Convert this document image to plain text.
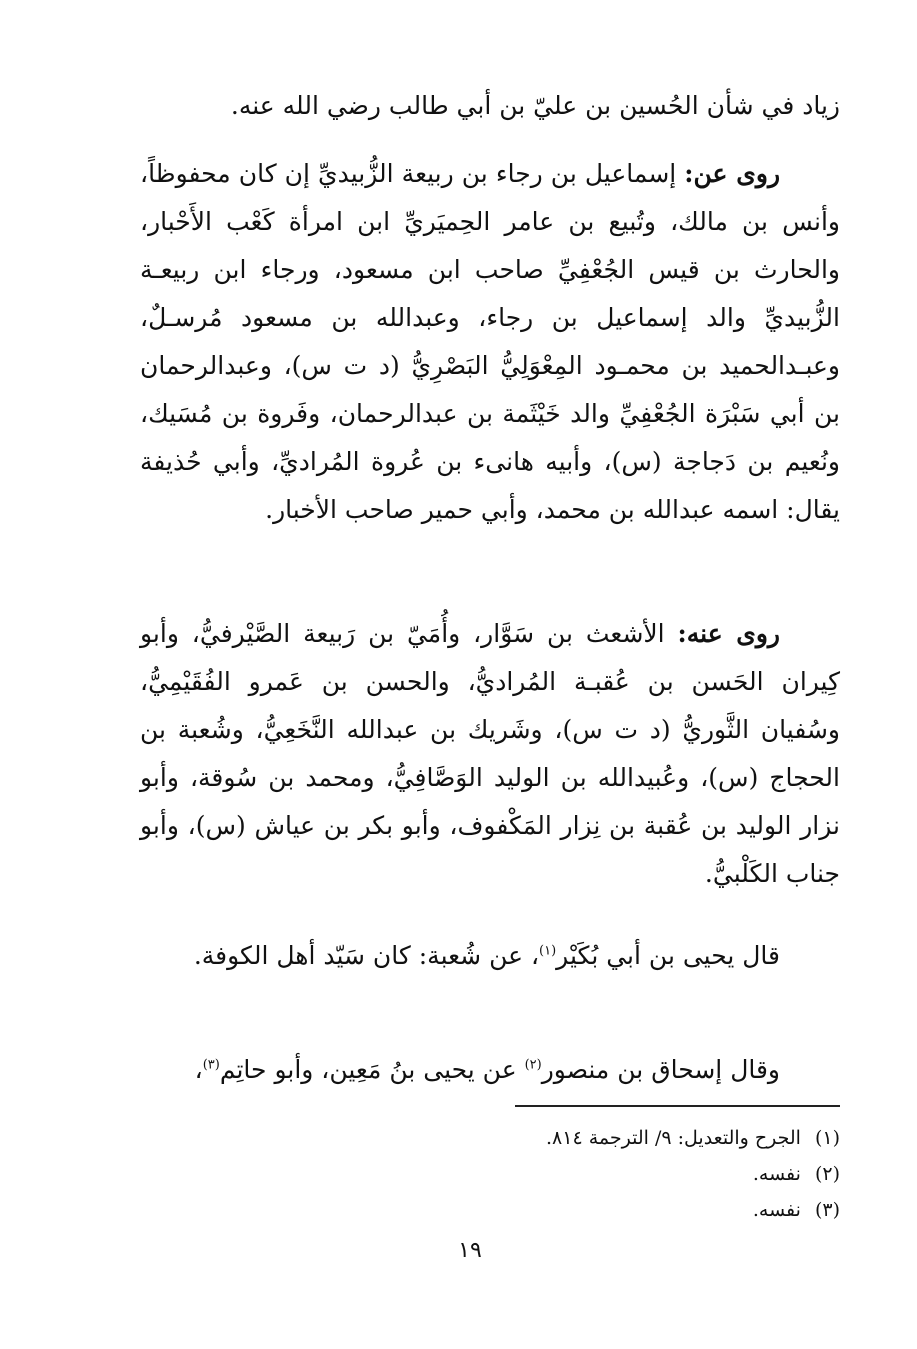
زياد في شأن الحُسين بن عليّ بن أبي طالب رضي الله عنه.
روى عن: إسماعيل بن رجاء بن ربيعة الزُّبيديِّ إن كان محفوظاً، وأنس بن مالك، وتُبيع بن عامر الحِميَريِّ ابن امرأة كَعْب الأَحْبار، والحارث بن قيس الجُعْفِيِّ صاحب ابن مسعود، ورجاء ابن ربيعـة الزُّبيديِّ والد إسماعيل بن رجاء، وعبدالله بن مسعود مُرسـلٌ، وعبـدالحميد بن محمـود المِعْوَلِيُّ البَصْرِيُّ (د ت س)، وعبدالرحمان بن أبي سَبْرَة الجُعْفِيِّ والد خَيْثَمة بن عبدالرحمان، وفَروة بن مُسَيك، ونُعيم بن دَجاجة (س)، وأبيه هانىء بن عُروة المُراديِّ، وأبي حُذيفة يقال: اسمه عبدالله بن محمد، وأبي حمير صاحب الأخبار.
روى عنه: الأشعث بن سَوَّار، وأُمَيّ بن رَبيعة الصَّيْرفيُّ، وأبو كِيران الحَسن بن عُقبـة المُراديُّ، والحسن بن عَمرو الفُقَيْمِيُّ، وسُفيان الثَّوريُّ (د ت س)، وشَريك بن عبدالله النَّخَعِيُّ، وشُعبة بن الحجاج (س)، وعُبيدالله بن الوليد الوَصَّافِيُّ، ومحمد بن سُوقة، وأبو نزار الوليد بن عُقبة بن نِزار المَكْفوف، وأبو بكر بن عياش (س)، وأبو جناب الكَلْبيُّ.
قال يحيى بن أبي بُكَيْر$^{(١)}$، عن شُعبة: كان سَيّد أهل الكوفة.
وقال إسحاق بن منصور$^{(٢)}$ عن يحيى بنُ مَعِين، وأبو حاتِم$^{(٣)}$،
(١)الجرح والتعديل: ٩/ الترجمة ٨١٤.
(٢)نفسه.
(٣)نفسه.
١٩
